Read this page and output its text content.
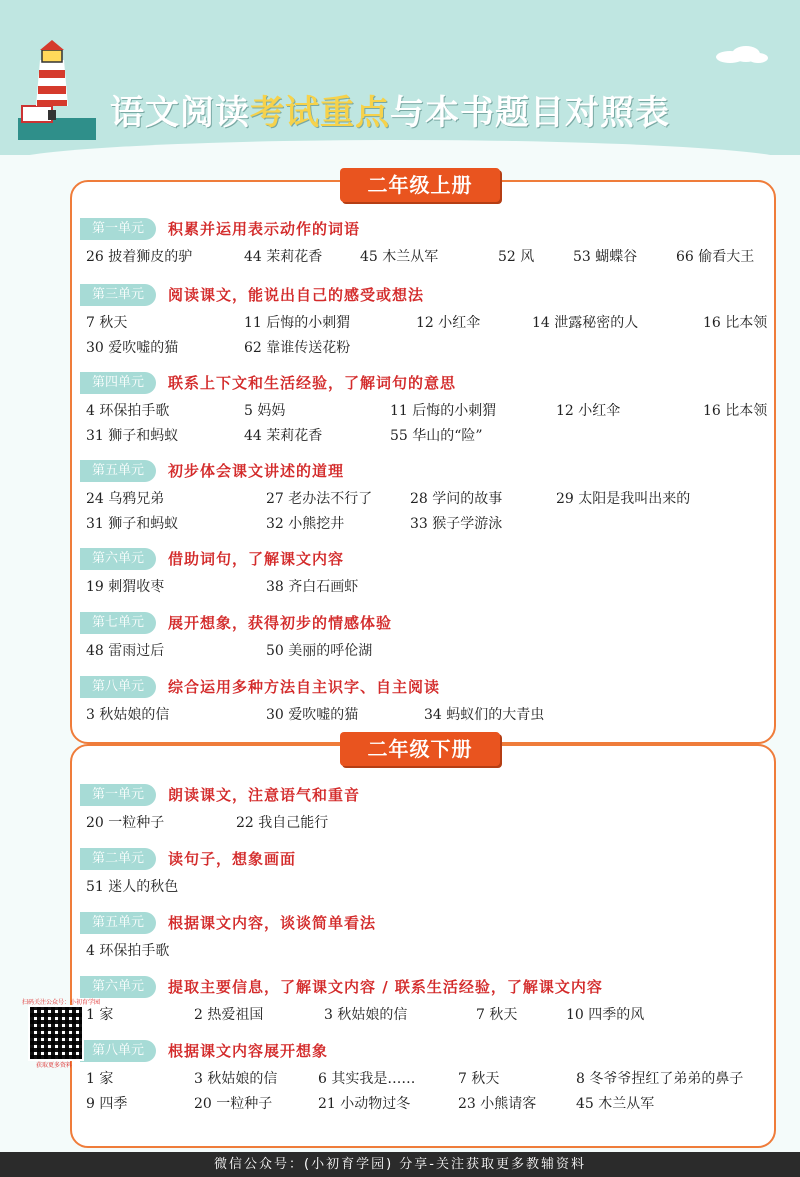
语文阅读考试重点与本书题目对照表
二年级上册
第一单元	积累并运用表示动作的词语
26 披着狮皮的驴	44 茉莉花香	45 木兰从军	52 风	53 蝴蝶谷	66 偷看大王
第三单元	阅读课文，能说出自己的感受或想法
7 秋天	11 后悔的小刺猬	12 小红伞	14 泄露秘密的人	16 比本领
30 爱吹嘘的猫	62 靠谁传送花粉
第四单元	联系上下文和生活经验，了解词句的意思
4 环保拍手歌	5 妈妈	11 后悔的小刺猬	12 小红伞	16 比本领
31 狮子和蚂蚁	44 茉莉花香	55 华山的“险”
第五单元	初步体会课文讲述的道理
24 乌鸦兄弟	27 老办法不行了	28 学问的故事	29 太阳是我叫出来的
31 狮子和蚂蚁	32 小熊挖井	33 猴子学游泳
第六单元	借助词句，了解课文内容
19 刺猬收枣	38 齐白石画虾
第七单元	展开想象，获得初步的情感体验
48 雷雨过后	50 美丽的呼伦湖
第八单元	综合运用多种方法自主识字、自主阅读
3 秋姑娘的信	30 爱吹嘘的猫	34 蚂蚁们的大青虫
二年级下册
第一单元	朗读课文，注意语气和重音
20 一粒种子	22 我自己能行
第二单元	读句子，想象画面
51 迷人的秋色
第五单元	根据课文内容，谈谈简单看法
4 环保拍手歌
第六单元	提取主要信息，了解课文内容 / 联系生活经验，了解课文内容
1 家	2 热爱祖国	3 秋姑娘的信	7 秋天	10 四季的风
第八单元	根据课文内容展开想象
1 家	3 秋姑娘的信	6 其实我是……	7 秋天	8 冬爷爷捏红了弟弟的鼻子
9 四季	20 一粒种子	21 小动物过冬	23 小熊请客	45 木兰从军
扫码关注公众号：小初育学园
获取更多资料
微信公众号：(小初育学园) 分享-关注获取更多教辅资料
